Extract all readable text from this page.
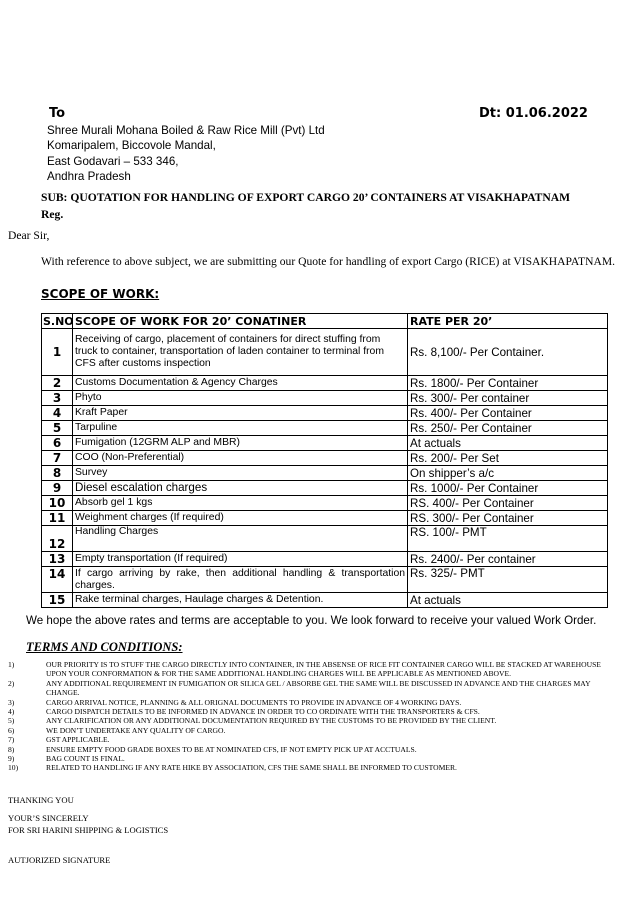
To	Dt: 01.06.2022
Shree Murali Mohana Boiled & Raw Rice Mill (Pvt) Ltd
Komaripalem, Biccovole Mandal,
East Godavari – 533 346,
Andhra Pradesh
SUB: QUOTATION FOR HANDLING OF EXPORT CARGO 20’ CONTAINERS AT VISAKHAPATNAM
Reg.
Dear Sir,
With reference to above subject, we are submitting our Quote for handling of export Cargo (RICE) at VISAKHAPATNAM.
SCOPE OF WORK:
S.NO	SCOPE OF WORK FOR 20’ CONATINER	RATE PER 20’
1	Receiving of cargo, placement of containers for direct stuffing from truck to container, transportation of laden container to terminal from CFS after customs inspection	Rs. 8,100/- Per Container.
2	Customs Documentation & Agency Charges	Rs. 1800/- Per Container
3	Phyto	Rs. 300/- Per container
4	Kraft Paper	Rs. 400/- Per Container
5	Tarpuline	Rs. 250/- Per Container
6	Fumigation (12GRM ALP and MBR)	At actuals
7	COO (Non-Preferential)	Rs. 200/- Per Set
8	Survey	On shipper’s a/c
9	Diesel escalation charges	Rs. 1000/- Per Container
10	Absorb gel 1 kgs	RS. 400/- Per Container
11	Weighment charges (If required)	RS. 300/- Per Container
12	Handling Charges	RS. 100/- PMT
13	Empty transportation (If required)	Rs. 2400/- Per container
14	If cargo arriving by rake, then additional handling & transportation charges.	Rs. 325/- PMT
15	Rake terminal charges, Haulage charges & Detention.	At actuals
We hope the above rates and terms are acceptable to you. We look forward to receive your valued Work Order.
TERMS AND CONDITIONS:
1)	OUR PRIORITY IS TO STUFF THE CARGO DIRECTLY INTO CONTAINER, IN THE ABSENSE OF RICE FIT CONTAINER CARGO WILL BE STACKED AT WAREHOUSE UPON YOUR CONFORMATION & FOR THE SAME ADDITIONAL HANDLING CHARGES WILL BE APPLICABLE AS MENTIONED ABOVE.
2)	ANY ADDITIONAL REQUIREMENT IN FUMIGATION OR SILICA GEL / ABSORBE GEL THE SAME WILL BE DISCUSSED IN ADVANCE AND THE CHARGES MAY CHANGE.
3)	CARGO ARRIVAL NOTICE, PLANNING & ALL ORIGNAL DOCUMENTS TO PROVIDE IN ADVANCE OF 4 WORKING DAYS.
4)	CARGO DISPATCH DETAILS TO BE INFORMED IN ADVANCE IN ORDER TO CO ORDINATE WITH THE TRANSPORTERS & CFS.
5)	ANY CLARIFICATION OR ANY ADDITIONAL DOCUMENTATION REQUIRED BY THE CUSTOMS TO BE PROVIDED BY THE CLIENT.
6)	WE DON’T UNDERTAKE ANY QUALITY OF CARGO.
7)	GST APPLICABLE.
8)	ENSURE EMPTY FOOD GRADE BOXES TO BE AT NOMINATED CFS, IF NOT EMPTY PICK UP AT ACCTUALS.
9)	BAG COUNT IS FINAL.
10)	RELATED TO HANDLING IF ANY RATE HIKE BY ASSOCIATION, CFS THE SAME SHALL BE INFORMED TO CUSTOMER.
THANKING YOU
YOUR’S SINCERELY
FOR SRI HARINI SHIPPING & LOGISTICS
AUTJORIZED SIGNATURE
